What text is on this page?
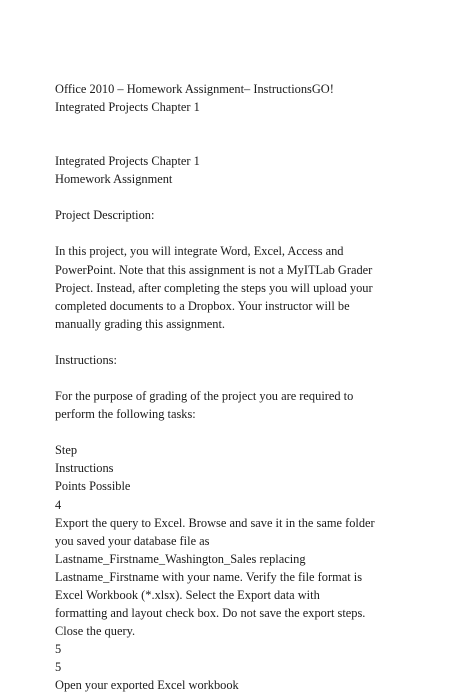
Office 2010 – Homework Assignment– InstructionsGO!
Integrated Projects Chapter 1
Integrated Projects Chapter 1
Homework Assignment
Project Description:
In this project, you will integrate Word, Excel, Access and
PowerPoint. Note that this assignment is not a MyITLab Grader
Project. Instead, after completing the steps you will upload your
completed documents to a Dropbox. Your instructor will be
manually grading this assignment.
Instructions:
For the purpose of grading of the project you are required to
perform the following tasks:
Step
Instructions
Points Possible
4
Export the query to Excel. Browse and save it in the same folder
you saved your database file as
Lastname_Firstname_Washington_Sales replacing
Lastname_Firstname with your name. Verify the file format is
Excel Workbook (*.xlsx). Select the Export data with
formatting and layout check box. Do not save the export steps.
Close the query.
5
5
Open your exported Excel workbook
